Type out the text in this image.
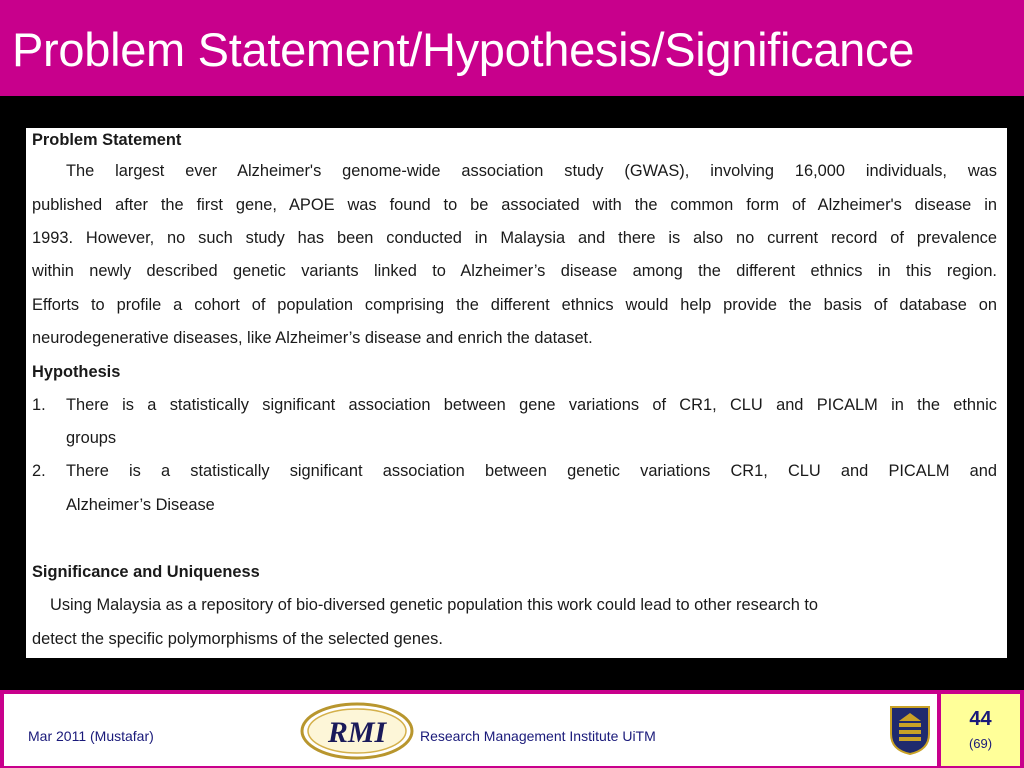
Problem Statement/Hypothesis/Significance
Problem Statement
The largest ever Alzheimer's genome-wide association study (GWAS), involving 16,000 individuals, was
published after the first gene, APOE was found to be associated with the common form of Alzheimer's disease in
1993. However, no such study has been conducted in Malaysia and there is also no current record of prevalence
within newly described genetic variants linked to Alzheimer’s disease among the different ethnics in this region.
Efforts to profile a cohort of population comprising the different ethnics would help provide the basis of database on
neurodegenerative diseases, like Alzheimer’s disease and enrich the dataset.
Hypothesis
1.	There is a statistically significant association between gene variations of CR1, CLU and PICALM in the ethnic
groups
2.	There is a statistically significant association between genetic variations CR1, CLU and PICALM and
Alzheimer’s Disease
Significance and Uniqueness
Using Malaysia as a repository of bio-diversed genetic population this work could lead to other research to
detect the specific polymorphisms of the selected genes.
Mar 2011 (Mustafar)	RMI Research Management Institute UiTM
44
(69)
